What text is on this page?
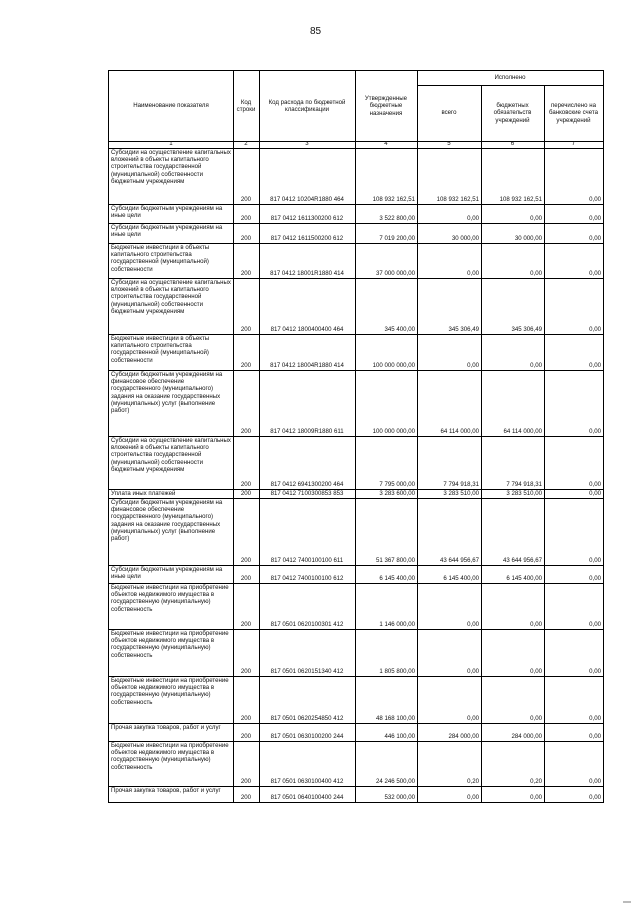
85
Наименование показателя
Код строки
Код расхода по бюджетной классификации
Утвержденные бюджетные назначения
Исполнено
всего
бюджетных обязательств учреждений
перечислено на банковские счета учреждений
1	2	3	4	5	6	7
Субсидии на осуществление капитальных вложений в объекты капитального строительства государственной (муниципальной) собственности бюджетным учреждениям
200	817 0412 10204R1880 464	108 932 162,51	108 932 162,51	108 932 162,51	0,00
Субсидии бюджетным учреждениям на иные цели	200	817 0412 1611300200 612	3 522 800,00	0,00	0,00	0,00
Субсидии бюджетным учреждениям на иные цели
200	817 0412 1611500200 612	7 019 200,00	30 000,00	30 000,00	0,00
Бюджетные инвестиции в объекты капитального строительства государственной (муниципальной) собственности
200	817 0412 18001R1880 414	37 000 000,00	0,00	0,00	0,00
Субсидии на осуществление капитальных вложений в объекты капитального строительства государственной (муниципальной) собственности бюджетным учреждениям
200	817 0412 1800400400 464	345 400,00	345 306,49	345 306,49	0,00
Бюджетные инвестиции в объекты капитального строительства государственной (муниципальной) собственности
200	817 0412 18004R1880 414	100 000 000,00	0,00	0,00	0,00
Субсидии бюджетным учреждениям на финансовое обеспечение государственного (муниципального) задания на оказание государственных (муниципальных) услуг (выполнение работ)
200	817 0412 18009R1880 611	100 000 000,00	64 114 000,00	64 114 000,00	0,00
Субсидии на осуществление капитальных вложений в объекты капитального строительства государственной (муниципальной) собственности бюджетным учреждениям
200	817 0412 6941300200 464	7 795 000,00	7 794 918,31	7 794 918,31	0,00
Уплата иных платежей	200	817 0412 7100300853 853	3 283 600,00	3 283 510,00	3 283 510,00	0,00
Субсидии бюджетным учреждениям на финансовое обеспечение государственного (муниципального) задания на оказание государственных (муниципальных) услуг (выполнение работ)
200	817 0412 7400100100 611	51 367 800,00	43 644 956,67	43 644 956,67	0,00
Субсидии бюджетным учреждениям на иные цели	200	817 0412 7400100100 612	6 145 400,00	6 145 400,00	6 145 400,00	0,00
Бюджетные инвестиции на приобретение объектов недвижимого имущества в государственную (муниципальную) собственность
200	817 0501 0620100301 412	1 146 000,00	0,00	0,00	0,00
Бюджетные инвестиции на приобретение объектов недвижимого имущества в государственную (муниципальную) собственность
200	817 0501 0620151340 412	1 805 800,00	0,00	0,00	0,00
Бюджетные инвестиции на приобретение объектов недвижимого имущества в государственную (муниципальную) собственность
200	817 0501 0620254850 412	48 168 100,00	0,00	0,00	0,00
Прочая закупка товаров, работ и услуг
200	817 0501 0630100200 244	446 100,00	284 000,00	284 000,00	0,00
Бюджетные инвестиции на приобретение объектов недвижимого имущества в государственную (муниципальную) собственность
200	817 0501 0630100400 412	24 246 500,00	0,20	0,20	0,00
Прочая закупка товаров, работ и услуг
200	817 0501 0640100400 244	532 000,00	0,00	0,00	0,00
